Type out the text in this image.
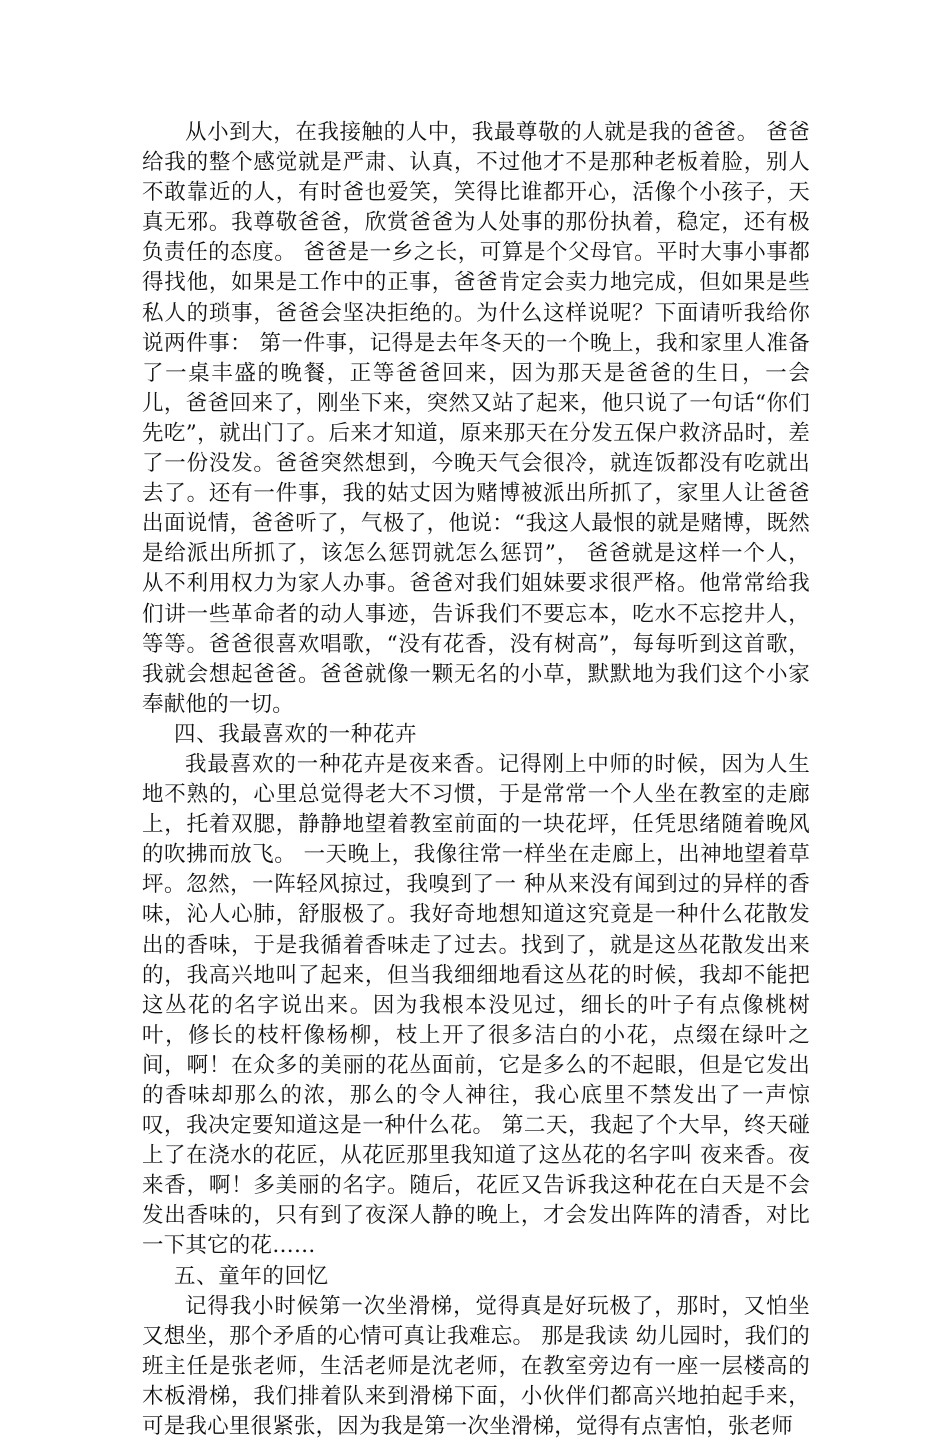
从小到大，在我接触的人中，我最尊敬的人就是我的爸爸。 爸爸给我的整个感觉就是严肃、认真，不过他才不是那种老板着脸，别人不敢靠近的人，有时爸也爱笑，笑得比谁都开心，活像个小孩子，天真无邪。我尊敬爸爸，欣赏爸爸为人处事的那份执着，稳定，还有极负责任的态度。 爸爸是一乡之长，可算是个父母官。平时大事小事都得找他，如果是工作中的正事，爸爸肯定会卖力地完成，但如果是些私人的琐事，爸爸会坚决拒绝的。为什么这样说呢？下面请听我给你说两件事： 第一件事，记得是去年冬天的一个晚上，我和家里人准备了一桌丰盛的晚餐，正等爸爸回来，因为那天是爸爸的生日，一会儿，爸爸回来了，刚坐下来，突然又站了起来，他只说了一句话“你们先吃”，就出门了。后来才知道，原来那天在分发五保户救济品时，差了一份没发。爸爸突然想到，今晚天气会很冷，就连饭都没有吃就出去了。还有一件事，我的姑丈因为赌博被派出所抓了，家里人让爸爸出面说情，爸爸听了，气极了，他说：“我这人最恨的就是赌博，既然是给派出所抓了，该怎么惩罚就怎么惩罚”， 爸爸就是这样一个人，从不利用权力为家人办事。爸爸对我们姐妹要求很严格。他常常给我们讲一些革命者的动人事迹，告诉我们不要忘本，吃水不忘挖井人，等等。爸爸很喜欢唱歌，“没有花香，没有树高”，每每听到这首歌，我就会想起爸爸。爸爸就像一颗无名的小草，默默地为我们这个小家奉献他的一切。

四、我最喜欢的一种花卉

我最喜欢的一种花卉是夜来香。记得刚上中师的时候，因为人生地不熟的，心里总觉得老大不习惯，于是常常一个人坐在教室的走廊上，托着双腮，静静地望着教室前面的一块花坪，任凭思绪随着晚风的吹拂而放飞。 一天晚上，我像往常一样坐在走廊上，出神地望着草坪。忽然，一阵轻风掠过，我嗅到了一 种从来没有闻到过的异样的香味，沁人心肺，舒服极了。我好奇地想知道这究竟是一种什么花散发出的香味，于是我循着香味走了过去。找到了，就是这丛花散发出来的，我高兴地叫了起来，但当我细细地看这丛花的时候，我却不能把这丛花的名字说出来。因为我根本没见过，细长的叶子有点像桃树叶，修长的枝杆像杨柳，枝上开了很多洁白的小花，点缀在绿叶之间，啊！在众多的美丽的花丛面前，它是多么的不起眼，但是它发出的香味却那么的浓，那么的令人神往，我心底里不禁发出了一声惊叹，我决定要知道这是一种什么花。 第二天，我起了个大早，终天碰上了在浇水的花匠，从花匠那里我知道了这丛花的名字叫 夜来香。夜来香，啊！多美丽的名字。随后，花匠又告诉我这种花在白天是不会发出香味的，只有到了夜深人静的晚上，才会发出阵阵的清香，对比一下其它的花……

五、童年的回忆

记得我小时候第一次坐滑梯，觉得真是好玩极了，那时，又怕坐又想坐，那个矛盾的心情可真让我难忘。 那是我读 幼儿园时，我们的班主任是张老师，生活老师是沈老师，在教室旁边有一座一层楼高的木板滑梯，我们排着队来到滑梯下面，小伙伴们都高兴地拍起手来，可是我心里很紧张，因为我是第一次坐滑梯，觉得有点害怕，张老师
